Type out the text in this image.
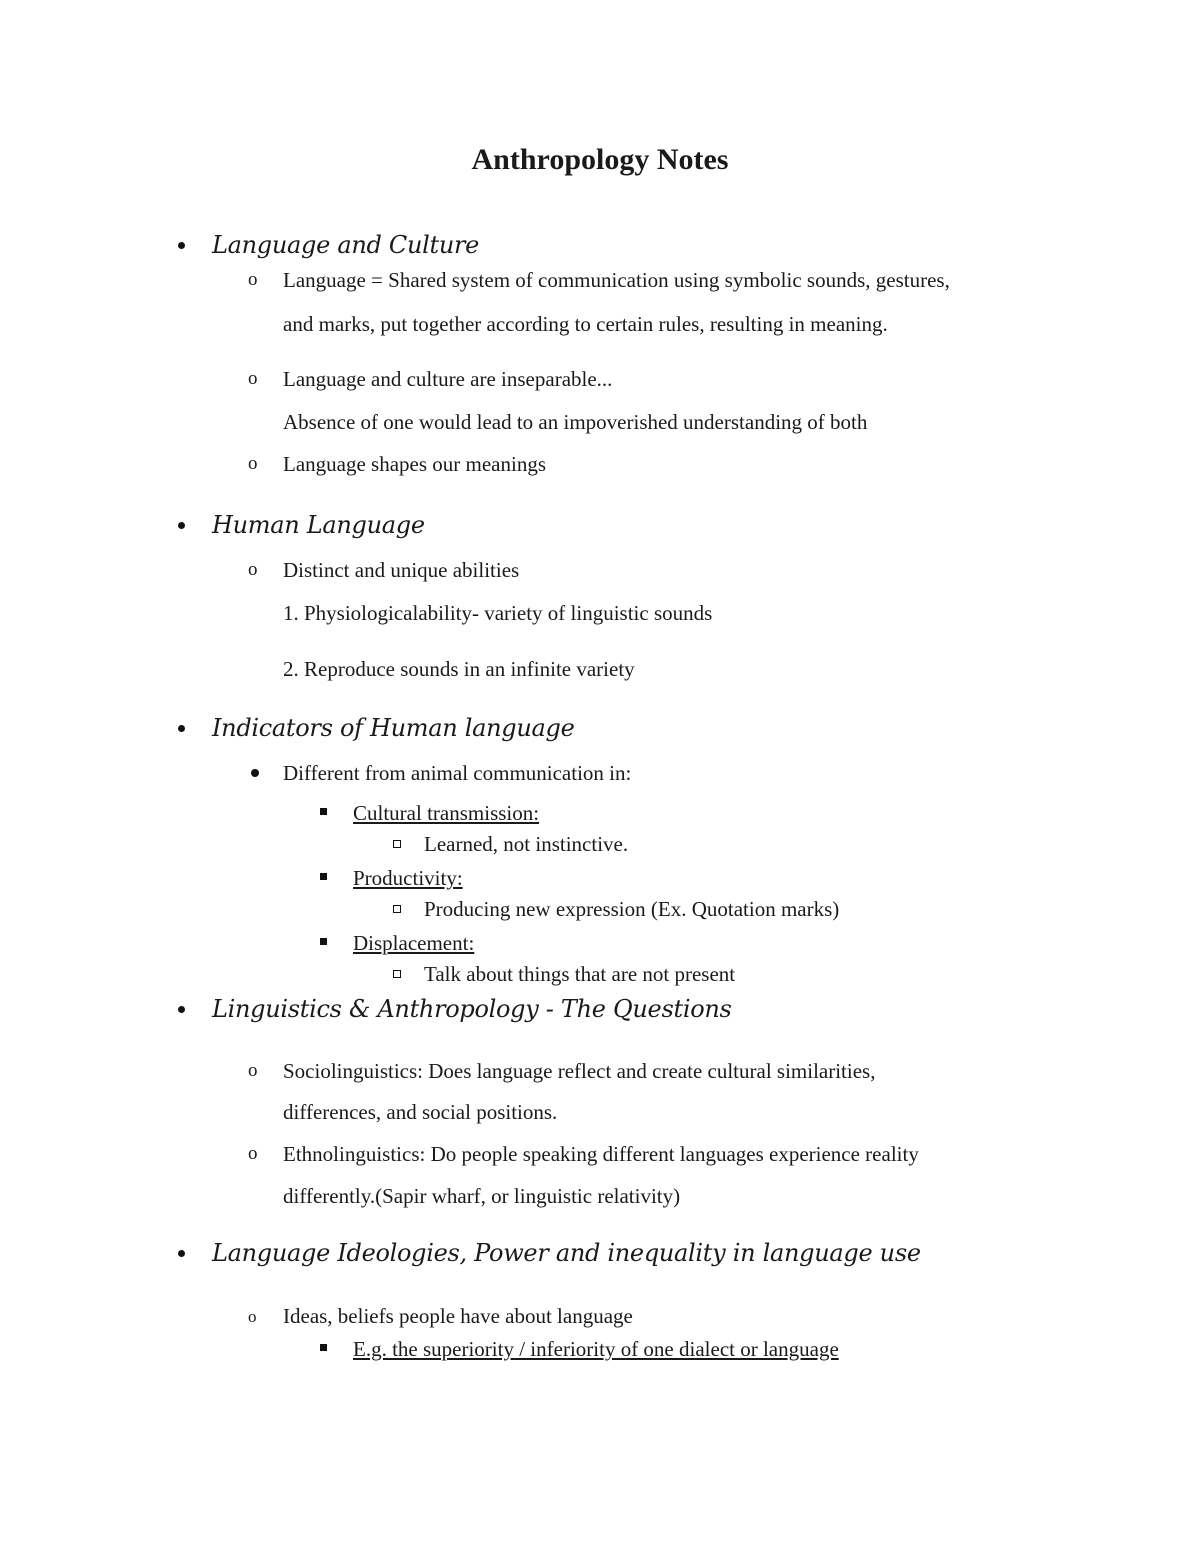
Anthropology Notes
Language and Culture
o Language = Shared system of communication using symbolic sounds, gestures,
and marks, put together according to certain rules, resulting in meaning.
o Language and culture are inseparable...
Absence of one would lead to an impoverished understanding of both
o Language shapes our meanings
Human Language
o Distinct and unique abilities
1. Physiologicalability- variety of linguistic sounds
2. Reproduce sounds in an infinite variety
Indicators of Human language
Different from animal communication in:
Cultural transmission:
Learned, not instinctive.
Productivity:
Producing new expression (Ex. Quotation marks)
Displacement:
Talk about things that are not present
Linguistics & Anthropology - The Questions
o Sociolinguistics: Does language reflect and create cultural similarities,
differences, and social positions.
o Ethnolinguistics: Do people speaking different languages experience reality
differently.(Sapir wharf, or linguistic relativity)
Language Ideologies, Power and inequality in language use
o Ideas, beliefs people have about language
E.g. the superiority / inferiority of one dialect or language
